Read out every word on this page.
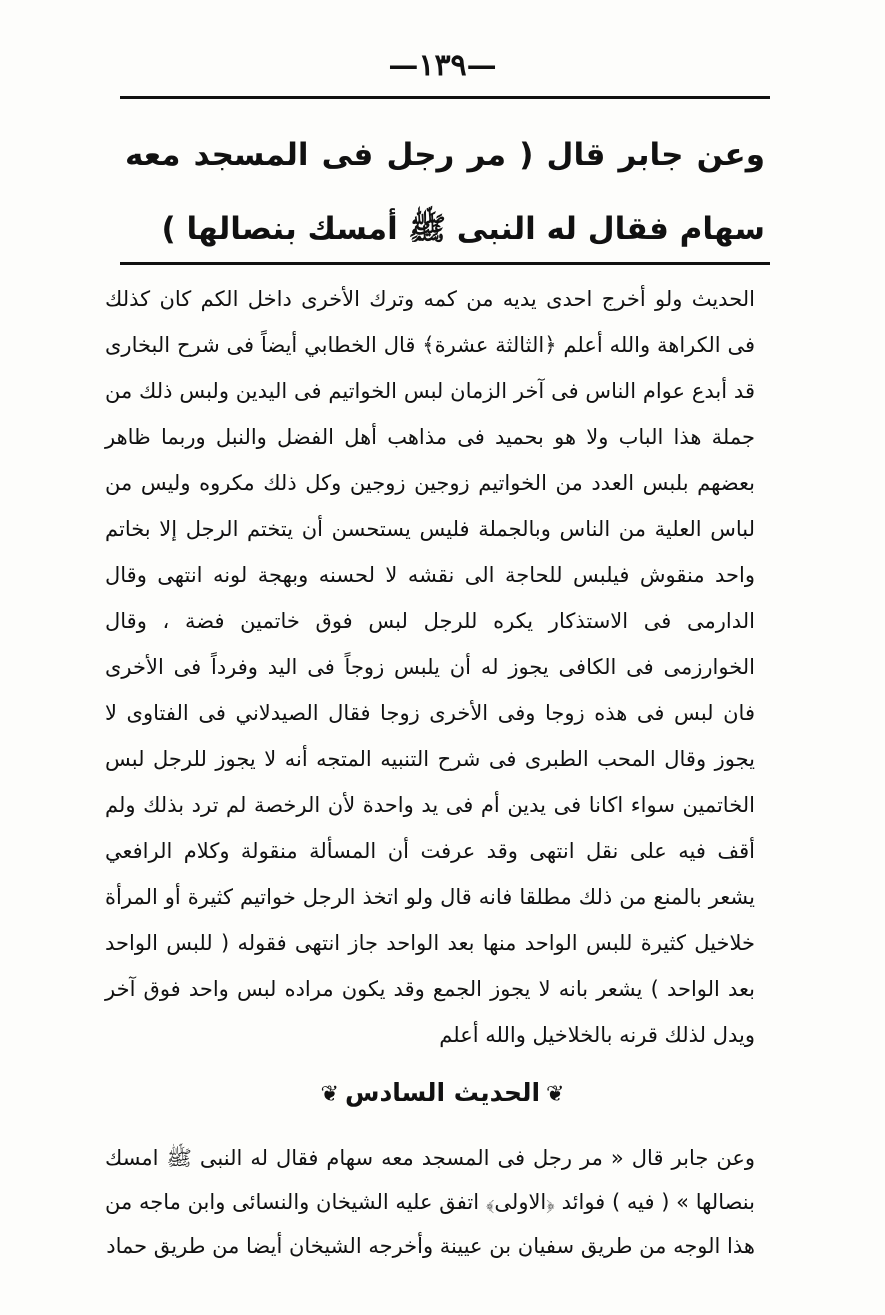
—١٣٩—
وعن جابر قال ( مر رجل فى المسجد معه سهام فقال له النبى ﷺ أمسك بنصالها )

الحديث ولو أخرج احدى يديه من كمه وترك الأخرى داخل الكم كان كذلك فى الكراهة والله أعلم ﴿الثالثة عشرة﴾ قال الخطابي أيضاً فى شرح البخارى قد أبدع عوام الناس فى آخر الزمان لبس الخواتيم فى اليدين ولبس ذلك من جملة هذا الباب ولا هو بحميد فى مذاهب أهل الفضل والنبل وربما ظاهر بعضهم بلبس العدد من الخواتيم زوجين زوجين وكل ذلك مكروه وليس من لباس العلية من الناس وبالجملة فليس يستحسن أن يتختم الرجل إلا بخاتم واحد منقوش فيلبس للحاجة الى نقشه لا لحسنه وبهجة لونه انتهى وقال الدارمى فى الاستذكار يكره للرجل لبس فوق خاتمين فضة ، وقال الخوارزمى فى الكافى يجوز له أن يلبس زوجاً فى اليد وفرداً فى الأخرى فان لبس فى هذه زوجا وفى الأخرى زوجا فقال الصيدلاني فى الفتاوى لا يجوز وقال المحب الطبرى فى شرح التنبيه المتجه أنه لا يجوز للرجل لبس الخاتمين سواء اكانا فى يدين أم فى يد واحدة لأن الرخصة لم ترد بذلك ولم أقف فيه على نقل انتهى وقد عرفت أن المسألة منقولة وكلام الرافعي يشعر بالمنع من ذلك مطلقا فانه قال ولو اتخذ الرجل خواتيم كثيرة أو المرأة خلاخيل كثيرة للبس الواحد منها بعد الواحد جاز انتهى فقوله ( للبس الواحد بعد الواحد ) يشعر بانه لا يجوز الجمع وقد يكون مراده لبس واحد فوق آخر ويدل لذلك قرنه بالخلاخيل والله أعلم

❦الحديث السادس❦

وعن جابر قال « مر رجل فى المسجد معه سهام فقال له النبى ﷺ امسك بنصالها » ( فيه ) فوائد ﴿الاولى﴾ اتفق عليه الشيخان والنسائى وابن ماجه من هذا الوجه من طريق سفيان بن عيينة وأخرجه الشيخان أيضا من طريق حماد
